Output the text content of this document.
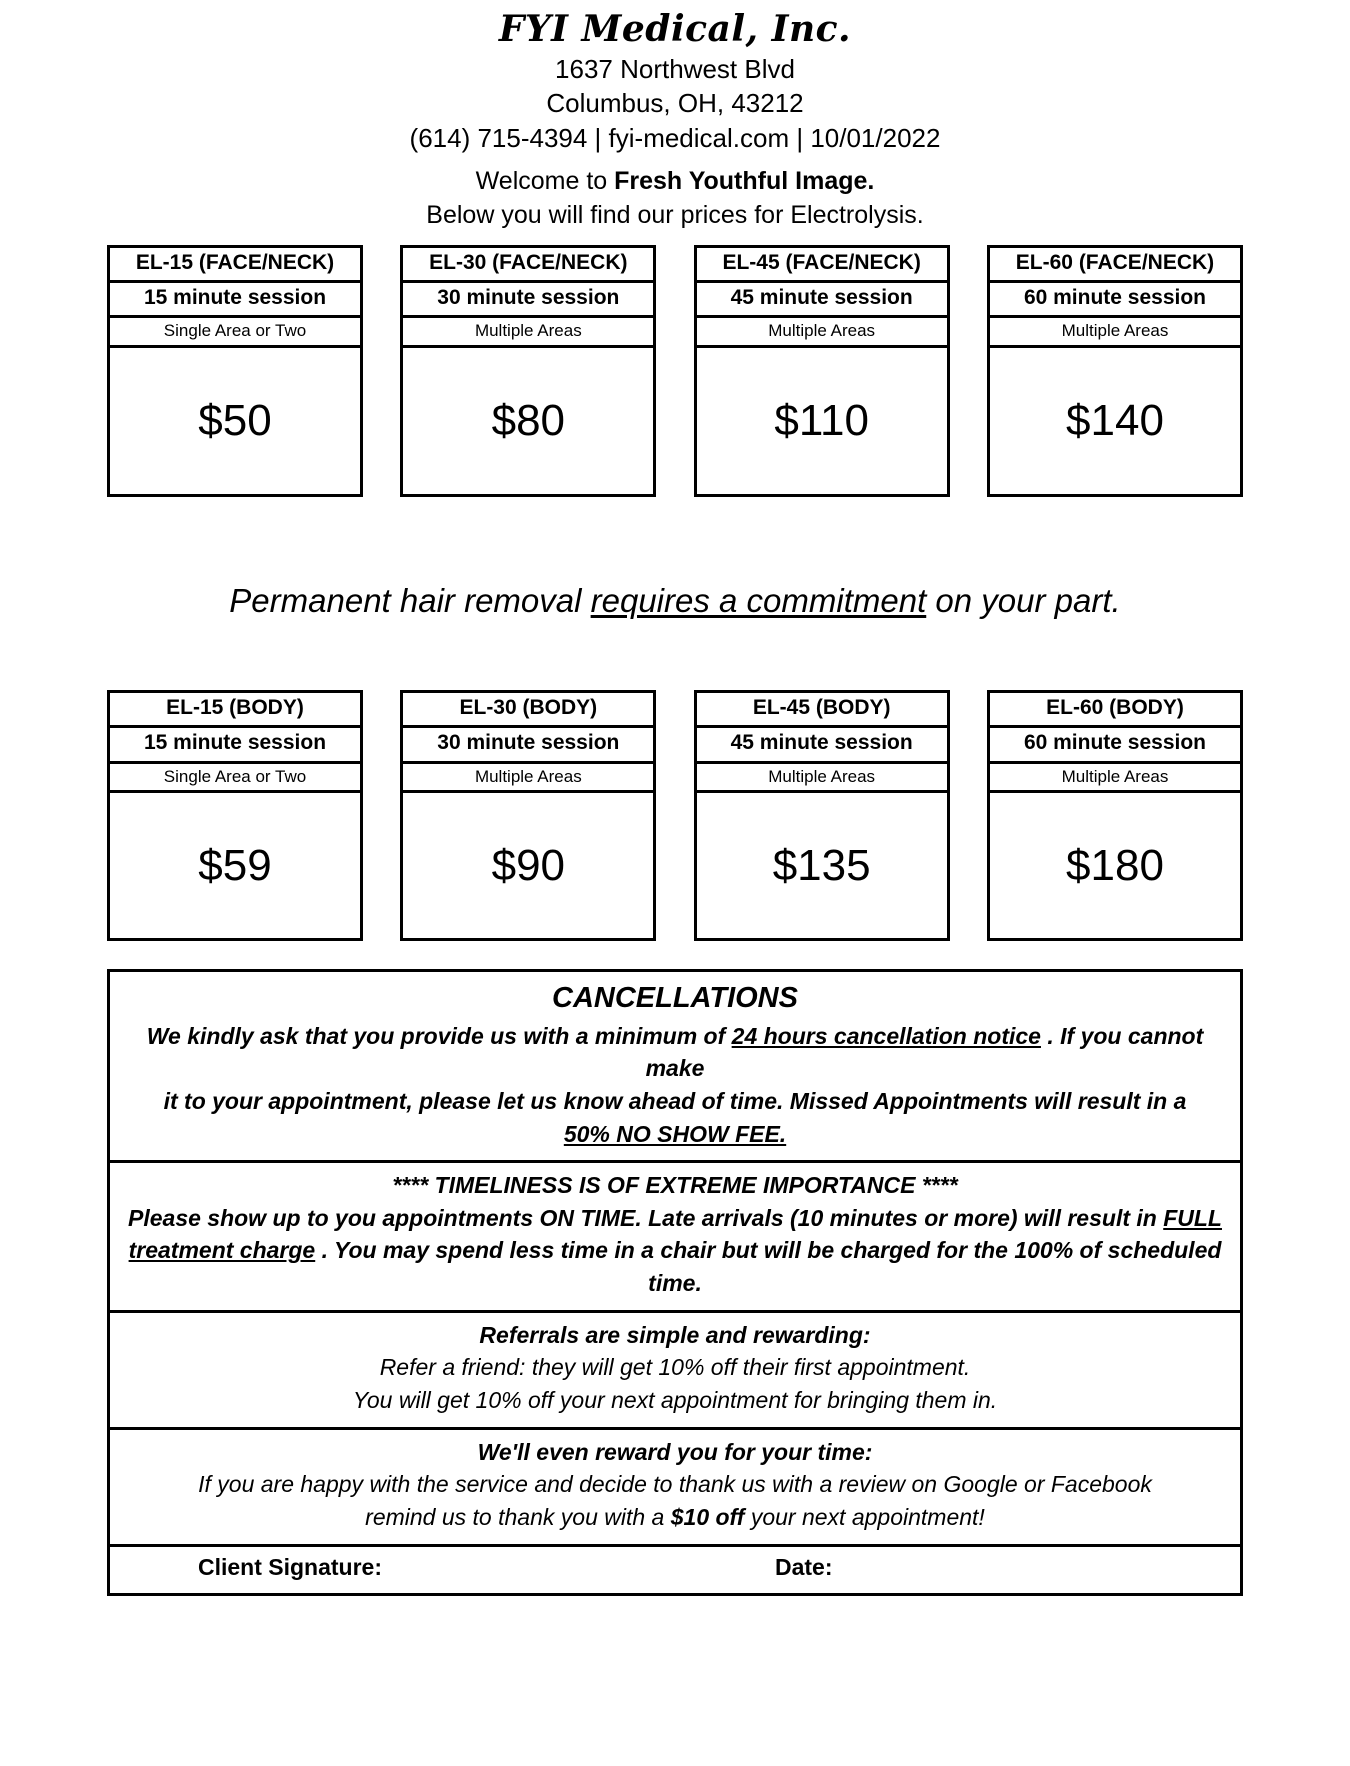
FYI Medical, Inc.
1637 Northwest Blvd
Columbus, OH, 43212
(614) 715-4394 | fyi-medical.com | 10/01/2022
Welcome to Fresh Youthful Image.
Below you will find our prices for Electrolysis.
EL-15 (FACE/NECK)
15 minute session
Single Area or Two
$50
EL-30 (FACE/NECK)
30 minute session
Multiple Areas
$80
EL-45 (FACE/NECK)
45 minute session
Multiple Areas
$110
EL-60 (FACE/NECK)
60 minute session
Multiple Areas
$140
Permanent hair removal requires a commitment on your part.
EL-15 (BODY)
15 minute session
Single Area or Two
$59
EL-30 (BODY)
30 minute session
Multiple Areas
$90
EL-45 (BODY)
45 minute session
Multiple Areas
$135
EL-60 (BODY)
60 minute session
Multiple Areas
$180
CANCELLATIONS
We kindly ask that you provide us with a minimum of 24 hours cancellation notice . If you cannot make
it to your appointment, please let us know ahead of time. Missed Appointments will result in a
50% NO SHOW FEE.
**** TIMELINESS IS OF EXTREME IMPORTANCE ****
Please show up to you appointments ON TIME. Late arrivals (10 minutes or more) will result in FULL
treatment charge . You may spend less time in a chair but will be charged for the 100% of scheduled time.
Referrals are simple and rewarding:
Refer a friend: they will get 10% off their first appointment.
You will get 10% off your next appointment for bringing them in.
We'll even reward you for your time:
If you are happy with the service and decide to thank us with a review on Google or Facebook
remind us to thank you with a $10 off your next appointment!
Client Signature:	Date:
